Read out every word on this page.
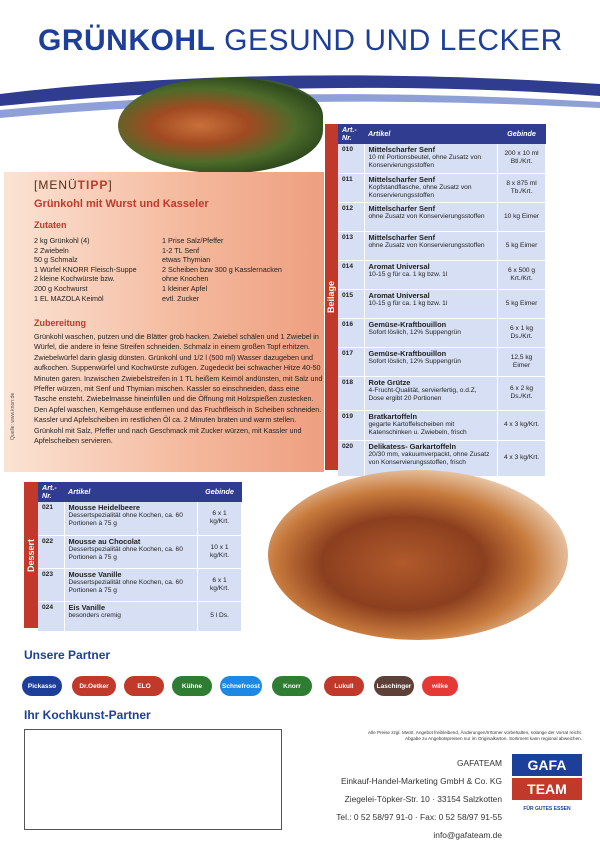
GRÜNKOHL GESUND UND LECKER
[MENÜTIPP]
Grünkohl mit Wurst und Kasseler
Zutaten
2 kg Grünkohl (4)
2 Zwiebeln
50 g Schmalz
1 Würfel KNORR Fleisch-Suppe
2 kleine Kochwürste bzw.
200 g Kochwurst
1 EL MAZOLA Keimöl
1 Prise Salz/Pfeffer
1-2 TL Senf
etwas Thymian
2 Scheiben bzw 300 g Kasslernacken
ohne Knochen
1 kleiner Apfel
evtl. Zucker
Zubereitung
Grünkohl waschen, putzen und die Blätter grob hacken. Zwiebel schälen und 1 Zwiebel in Würfel, die andere in feine Streifen schneiden. Schmalz in einem großen Topf erhitzen. Zwiebelwürfel darin glasig dünsten. Grünkohl und 1/2 l (500 ml) Wasser dazugeben und aufkochen. Suppenwürfel und Kochwürste zufügen. Zugedeckt bei schwacher Hitze 40-50 Minuten garen. Inzwischen Zwiebelstreifen in 1 TL heißem Keimöl andünsten, mit Salz und Pfeffer würzen, mit Senf und Thymian mischen. Kassler so einschneiden, dass eine Tasche ensteht. Zwiebelmasse hineinfüllen und die Öffnung mit Holzspießen zustecken. Den Apfel waschen, Kerngehäuse entfernen und das Fruchtfleisch in Scheiben schneiden. Kassler und Apfelscheiben im restlichen Öl ca. 2 Minuten braten und warm stellen. Grünkohl mit Salz, Pfeffer und nach Geschmack mit Zucker würzen, mit Kassler und Apfelscheiben servieren.
Quelle: www.knorr.de
Beilage
Art.-Nr.	Artikel	Gebinde
010	Mittelscharfer Senf
10 ml Portionsbeutel, ohne Zusatz von Konservierungsstoffen	200 x 10 ml Btl./Krt.
011	Mittelscharfer Senf
Kopfstandflasche, ohne Zusatz von Konservierungsstoffen	8 x 875 ml Tb./Krt.
012	Mittelscharfer Senf
ohne Zusatz von Konservierungsstoffen	10 kg Eimer
013	Mittelscharfer Senf
ohne Zusatz von Konservierungsstoffen	5 kg Eimer
014	Aromat Universal
10-15 g für ca. 1 kg bzw. 1l	6 x 500 g Krt./Krt.
015	Aromat Universal
10-15 g für ca. 1 kg bzw. 1l	5 kg Eimer
016	Gemüse-Kraftbouillon
Sofort löslich, 12% Suppengrün	6 x 1 kg Ds./Krt.
017	Gemüse-Kraftbouillon
Sofort löslich, 12% Suppengrün	12,5 kg Eimer
018	Rote Grütze
4-Frucht-Qualität, servierfertig, o.d.Z, Dose ergibt 20 Portionen	6 x 2 kg Ds./Krt.
019	Bratkartoffeln
gegarte Kartoffelscheiben mit Katenschinken u. Zwiebeln, frisch	4 x 3 kg/Krt.
020	Delikatess- Garkartoffeln
20/30 mm, vakuumverpackt, ohne Zusatz von Konservierungsstoffen, frisch	4 x 3 kg/Krt.
Dessert
Art.-Nr.	Artikel	Gebinde
021	Mousse Heidelbeere
Dessertspezialität ohne Kochen, ca. 60 Portionen à 75 g	6 x 1 kg/Krt.
022	Mousse au Chocolat
Dessertspezialität ohne Kochen, ca. 60 Portionen à 75 g	10 x 1 kg/Krt.
023	Mousse Vanille
Dessertspezialität ohne Kochen, ca. 60 Portionen à 75 g	6 x 1 kg/Krt.
024	Eis Vanille
besonders cremig	5 l Ds.
Unsere Partner
Pickasso	Dr.Oetker	ELO	Kühne	Schnefroost	Knorr	Lukull	Laschinger	wilke
Ihr Kochkunst-Partner
Alle Preise zzgl. MwSt. Angebot freibleibend, Änderungen/Irrtümer vorbehalten, solange der Vorrat reicht. Abgabe zu Angebotspreisen nur im Originalkarton. Sortiment kann regional abweichen.
GAFATEAM
Einkauf-Handel-Marketing GmbH & Co. KG
Ziegelei-Töpker-Str. 10 · 33154 Salzkotten
Tel.: 0 52 58/97 91-0 · Fax: 0 52 58/97 91-55
info@gafateam.de
GAFA
TEAM
FÜR GUTES ESSEN
